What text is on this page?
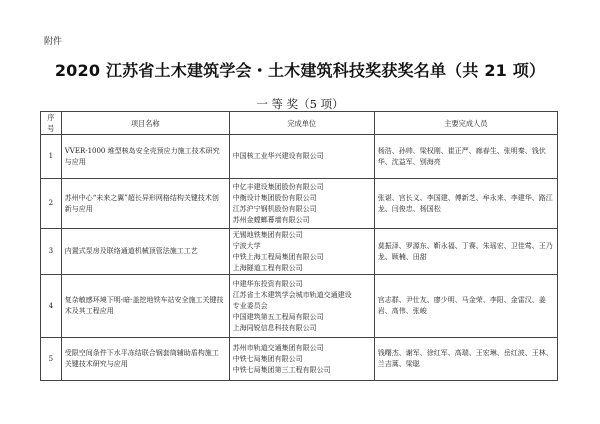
附件
2020 江苏省土木建筑学会・土木建筑科技奖获奖名单（共 21 项）
一 等 奖（5 项）
序号	项目名称	完成单位	主要完成人员
1	VVER-1000 堆型核岛安全壳预应力施工技术研究与应用	中国核工业华兴建设有限公司	杨浩、孙帅、梁权刚、崔正严、廊春生、张明秦、钱伏华、沈益军、别海亮
2	苏州中心“未来之翼”超长异形网格结构关键技术创新与应用	中亿丰建设集团股份有限公司
中衡设计集团股份有限公司
江苏沪宁钢机股份有限公司
苏州金螳螂幕墙有限公司	张谌、宫长义、李国建、傅新芝、牟永来、李建华、路江龙、闫俊忠、杨国松
3	内置式泵房及联络通道机械顶管法施工工艺	无锡地铁集团有限公司
宁波大学
中铁上海工程局集团有限公司
上海隧道工程有限公司	莫振泽、罗源东、靳永福、丁赛、朱瑶宏、卫佳莺、王乃龙、顾楠、田甜
4	复杂敏感环境下明-暗-盖挖地铁车站安全施工关键技术及其工程应用	中建华东投资有限公司
江苏省土木建筑学会城市轨道交通建设
专业委员会
中国建筑第五工程局有限公司
上海同锐信息科技有限公司	宫志群、尹仕友、廖少明、马金荣、李阳、金雷汉、姜岩、高伟、张峻
5	受限空间条件下水平冻结联合钢套筒辅助盾构施工关键技术研究与应用	苏州市轨道交通集团有限公司
中铁七局集团有限公司
中铁七局集团第三工程有限公司	钱曙杰、谢军、徐红军、高瑞、王宏琳、岳红波、王林、兰吉蒿、梁聪
